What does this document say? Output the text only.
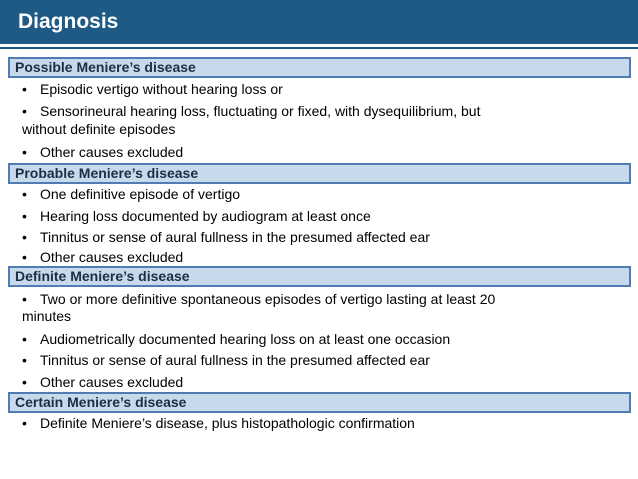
Diagnosis
Possible Meniere’s disease
• Episodic vertigo without hearing loss or
• Sensorineural hearing loss, fluctuating or fixed, with dysequilibrium, but
without definite episodes
• Other causes excluded
Probable Meniere’s disease
• One definitive episode of vertigo
• Hearing loss documented by audiogram at least once
• Tinnitus or sense of aural fullness in the presumed affected ear
• Other causes excluded
Definite Meniere’s disease
• Two or more definitive spontaneous episodes of vertigo lasting at least 20
minutes
• Audiometrically documented hearing loss on at least one occasion
• Tinnitus or sense of aural fullness in the presumed affected ear
• Other causes excluded
Certain Meniere’s disease
• Definite Meniere’s disease, plus histopathologic confirmation
